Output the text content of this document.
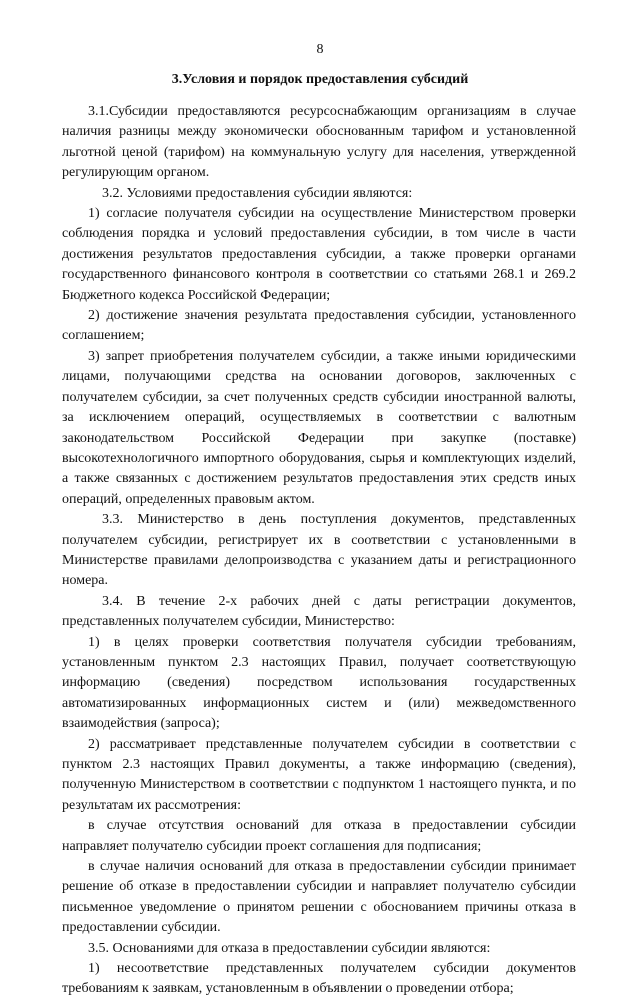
8
3.Условия и порядок предоставления субсидий

3.1.Субсидии предоставляются ресурсоснабжающим организациям в случае наличия разницы между экономически обоснованным тарифом и установленной льготной ценой (тарифом) на коммунальную услугу для населения, утвержденной регулирующим органом.

3.2. Условиями предоставления субсидии являются:

1) согласие получателя субсидии на осуществление Министерством проверки соблюдения порядка и условий предоставления субсидии, в том числе в части достижения результатов предоставления субсидии, а также проверки органами государственного финансового контроля в соответствии со статьями 268.1 и 269.2 Бюджетного кодекса Российской Федерации;

2) достижение значения результата предоставления субсидии, установленного соглашением;

3) запрет приобретения получателем субсидии, а также иными юридическими лицами, получающими средства на основании договоров, заключенных с получателем субсидии, за счет полученных средств субсидии иностранной валюты, за исключением операций, осуществляемых в соответствии с валютным законодательством Российской Федерации при закупке (поставке) высокотехнологичного импортного оборудования, сырья и комплектующих изделий, а также связанных с достижением результатов предоставления этих средств иных операций, определенных правовым актом.

3.3. Министерство в день поступления документов, представленных получателем субсидии, регистрирует их в соответствии с установленными в Министерстве правилами делопроизводства с указанием даты и регистрационного номера.

3.4. В течение 2-х рабочих дней с даты регистрации документов, представленных получателем субсидии, Министерство:

1) в целях проверки соответствия получателя субсидии требованиям, установленным пунктом 2.3 настоящих Правил, получает соответствующую информацию (сведения) посредством использования государственных автоматизированных информационных систем и (или) межведомственного взаимодействия (запроса);

2) рассматривает представленные получателем субсидии в соответствии с пунктом 2.3 настоящих Правил документы, а также информацию (сведения), полученную Министерством в соответствии с подпунктом 1 настоящего пункта, и по результатам их рассмотрения:

в случае отсутствия оснований для отказа в предоставлении субсидии направляет получателю субсидии проект соглашения для подписания;

в случае наличия оснований для отказа в предоставлении субсидии принимает решение об отказе в предоставлении субсидии и направляет получателю субсидии письменное уведомление о принятом решении с обоснованием причины отказа в предоставлении субсидии.

3.5. Основаниями для отказа в предоставлении субсидии являются:

1) несоответствие представленных получателем субсидии документов требованиям к заявкам, установленным в объявлении о проведении отбора;
